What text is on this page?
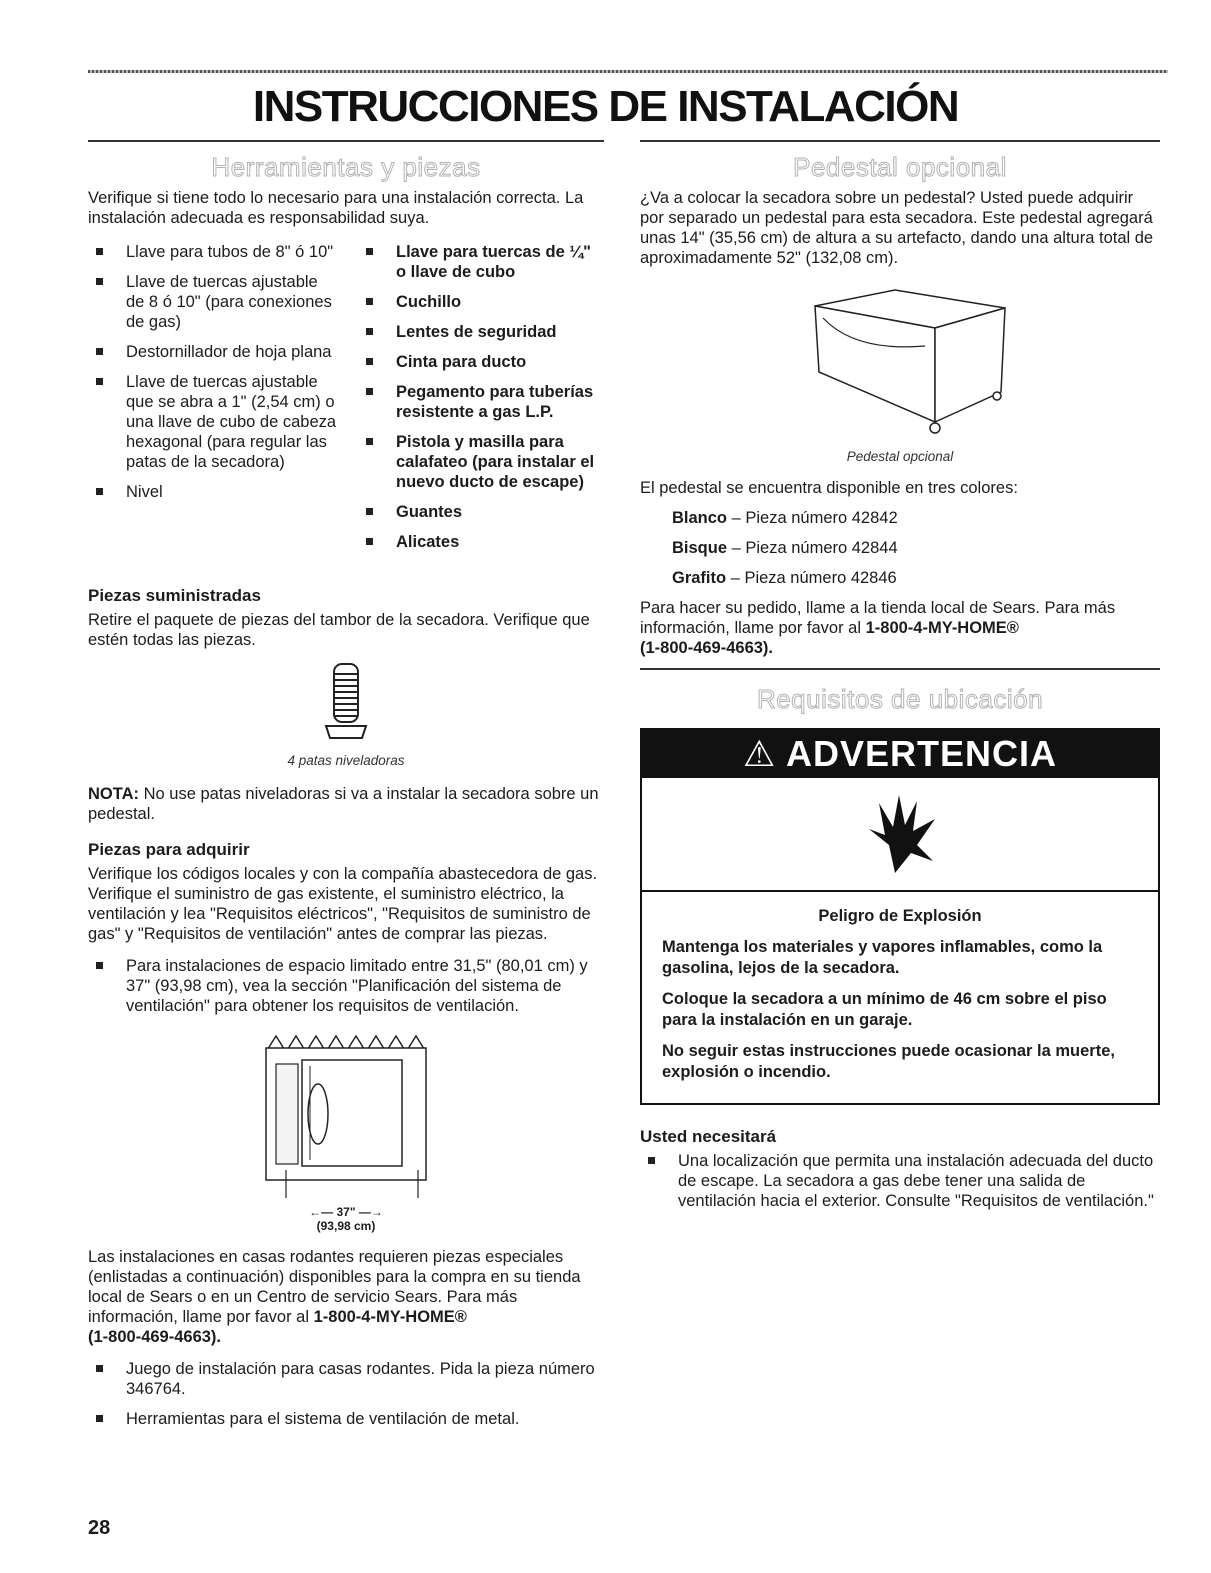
INSTRUCCIONES DE INSTALACIÓN
Herramientas y piezas

Verifique si tiene todo lo necesario para una instalación correcta. La instalación adecuada es responsabilidad suya.

Llave para tubos de 8" ó 10"
Llave de tuercas ajustable de 8 ó 10" (para conexiones de gas)
Destornillador de hoja plana
Llave de tuercas ajustable que se abra a 1" (2,54 cm) o una llave de cubo de cabeza hexagonal (para regular las patas de la secadora)
Nivel
Llave para tuercas de ¼" o llave de cubo
Cuchillo
Lentes de seguridad
Cinta para ducto
Pegamento para tuberías resistente a gas L.P.
Pistola y masilla para calafateo (para instalar el nuevo ducto de escape)
Guantes
Alicates
Piezas suministradas

Retire el paquete de piezas del tambor de la secadora. Verifique que estén todas las piezas.

4 patas niveladoras

NOTA: No use patas niveladoras si va a instalar la secadora sobre un pedestal.

Piezas para adquirir

Verifique los códigos locales y con la compañía abastecedora de gas. Verifique el suministro de gas existente, el suministro eléctrico, la ventilación y lea "Requisitos eléctricos", "Requisitos de suministro de gas" y "Requisitos de ventilación" antes de comprar las piezas.

Para instalaciones de espacio limitado entre 31,5" (80,01 cm) y 37" (93,98 cm), vea la sección "Planificación del sistema de ventilación" para obtener los requisitos de ventilación.
←— 37" —→
(93,98 cm)

Las instalaciones en casas rodantes requieren piezas especiales (enlistadas a continuación) disponibles para la compra en su tienda local de Sears o en un Centro de servicio Sears. Para más información, llame por favor al 1-800-4-MY-HOME®
(1-800-469-4663).

Juego de instalación para casas rodantes. Pida la pieza número 346764.
Herramientas para el sistema de ventilación de metal.
Pedestal opcional

¿Va a colocar la secadora sobre un pedestal? Usted puede adquirir por separado un pedestal para esta secadora. Este pedestal agregará unas 14" (35,56 cm) de altura a su artefacto, dando una altura total de aproximadamente 52" (132,08 cm).

Pedestal opcional

El pedestal se encuentra disponible en tres colores:

Blanco – Pieza número 42842

Bisque – Pieza número 42844

Grafito – Pieza número 42846

Para hacer su pedido, llame a la tienda local de Sears. Para más información, llame por favor al 1-800-4-MY-HOME®
(1-800-469-4663).

Requisitos de ubicación
⚠ ADVERTENCIA

Peligro de Explosión

Mantenga los materiales y vapores inflamables, como la gasolina, lejos de la secadora.

Coloque la secadora a un mínimo de 46 cm sobre el piso para la instalación en un garaje.

No seguir estas instrucciones puede ocasionar la muerte, explosión o incendio.

Usted necesitará
Una localización que permita una instalación adecuada del ducto de escape. La secadora a gas debe tener una salida de ventilación hacia el exterior. Consulte "Requisitos de ventilación."
28
